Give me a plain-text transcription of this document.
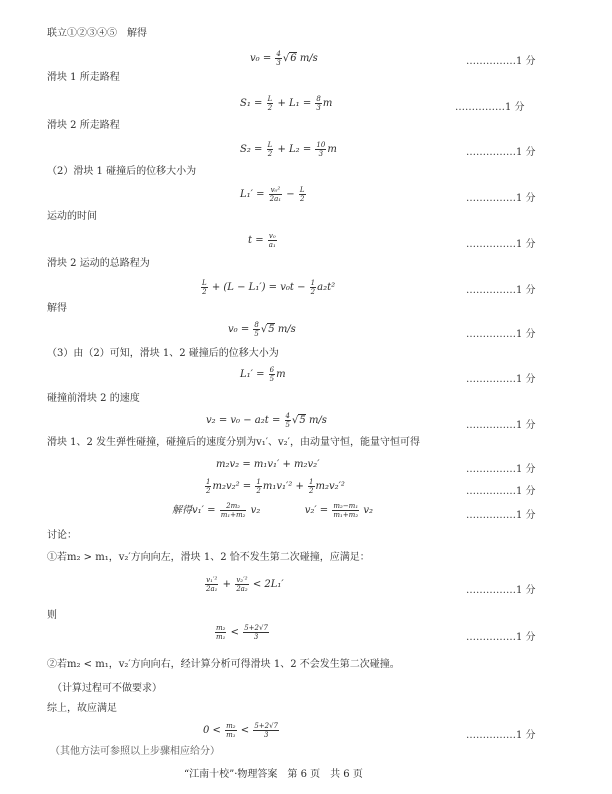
联立①②③④⑤　解得
滑块 1 所走路程
滑块 2 所走路程
（2）滑块 1 碰撞后的位移大小为
运动的时间
滑块 2 运动的总路程为
解得
（3）由（2）可知，滑块 1、2 碰撞后的位移大小为
碰撞前滑块 2 的速度
滑块 1、2 发生弹性碰撞，碰撞后的速度分别为v₁′、v₂′，由动量守恒，能量守恒可得
讨论：
①若m₂ > m₁，v₂′方向向左，滑块 1、2 恰不发生第二次碰撞，应满足：
则
②若m₂ < m₁，v₂′方向向右，经计算分析可得滑块 1、2 不会发生第二次碰撞。
（计算过程可不做要求）
综上，故应满足
（其他方法可参照以上步骤相应给分）
$v_0 = \frac{4}{3} √6$ m/s	……………1 分
$S_1 = \frac{L}{2} + L_1 = \frac{8}{3}$ m	……………1 分
$S_2 = \frac{L}{2} + L_2 = \frac{10}{3}$ m	……………1 分
$L_1' = \frac{\text{v₀²}}{\text{2a₁}} - \frac{L}{2}$	……………1 分
$t = \frac{\text{v₀}}{\text{a₁}}$	……………1 分
$\frac{L}{2} + (L - L_1') = v_0t - \frac{1}{2} a_2t^2$	……………1 分
$v_0 = \frac{8}{5} √5$ m/s	……………1 分
$L_1' = \frac{6}{5}$ m	……………1 分
$v_2 = v_0 - a_2t = \frac{4}{5} √5$ m/s	……………1 分
m₂v₂ = m₁v₁′ + m₂v₂′	……………1 分
$\frac{1}{2} m_2v_2^2 = \frac{1}{2} m_1v_1'^2 + \frac{1}{2} m_2v_2'^2$	……………1 分
解得$v_1' = \frac{\text{2m₂}}{\text{m₁+m₂}} v_2$	$v_2' = \frac{\text{m₂−m₁}}{\text{m₁+m₂}} v_2$	……………1 分
$\frac{\text{v₁′²}}{\text{2a₁}} + \frac{\text{v₂′²}}{\text{2a₂}} < 2L_1'$
……………1 分
$\frac{\text{m₂}}{\text{m₁}} < \frac{5+2√7}{3}$	……………1 分
$0 < \frac{\text{m₂}}{\text{m₁}} < \frac{5+2√7}{3}$	……………1 分
“江南十校”·物理答案　第 6 页　共 6 页
